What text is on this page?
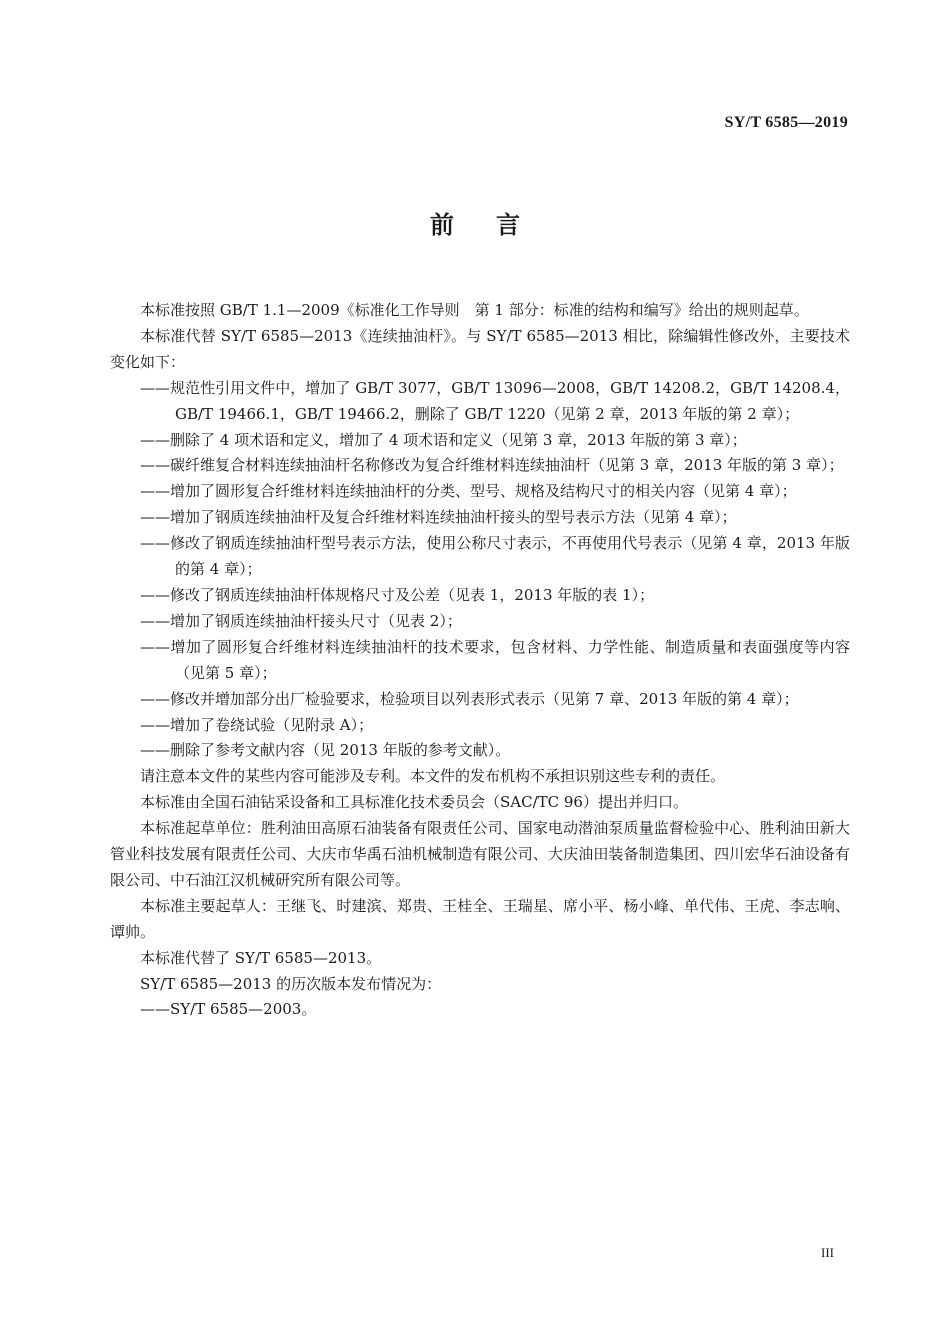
SY/T 6585—2019
前言

本标准按照 GB/T 1.1—2009《标准化工作导则　第 1 部分：标准的结构和编写》给出的规则起草。

本标准代替 SY/T 6585—2013《连续抽油杆》。与 SY/T 6585—2013 相比，除编辑性修改外，主要技术变化如下：

——规范性引用文件中，增加了 GB/T 3077，GB/T 13096—2008，GB/T 14208.2，GB/T 14208.4，GB/T 19466.1，GB/T 19466.2，删除了 GB/T 1220（见第 2 章，2013 年版的第 2 章）；

——删除了 4 项术语和定义，增加了 4 项术语和定义（见第 3 章，2013 年版的第 3 章）；

——碳纤维复合材料连续抽油杆名称修改为复合纤维材料连续抽油杆（见第 3 章，2013 年版的第 3 章）；

——增加了圆形复合纤维材料连续抽油杆的分类、型号、规格及结构尺寸的相关内容（见第 4 章）；

——增加了钢质连续抽油杆及复合纤维材料连续抽油杆接头的型号表示方法（见第 4 章）；

——修改了钢质连续抽油杆型号表示方法，使用公称尺寸表示，不再使用代号表示（见第 4 章，2013 年版的第 4 章）；

——修改了钢质连续抽油杆体规格尺寸及公差（见表 1，2013 年版的表 1）；

——增加了钢质连续抽油杆接头尺寸（见表 2）；

——增加了圆形复合纤维材料连续抽油杆的技术要求，包含材料、力学性能、制造质量和表面强度等内容（见第 5 章）；

——修改并增加部分出厂检验要求，检验项目以列表形式表示（见第 7 章、2013 年版的第 4 章）；

——增加了卷绕试验（见附录 A）；

——删除了参考文献内容（见 2013 年版的参考文献）。

请注意本文件的某些内容可能涉及专利。本文件的发布机构不承担识别这些专利的责任。

本标准由全国石油钻采设备和工具标准化技术委员会（SAC/TC 96）提出并归口。

本标准起草单位：胜利油田高原石油装备有限责任公司、国家电动潜油泵质量监督检验中心、胜利油田新大管业科技发展有限责任公司、大庆市华禹石油机械制造有限公司、大庆油田装备制造集团、四川宏华石油设备有限公司、中石油江汉机械研究所有限公司等。

本标准主要起草人：王继飞、时建滨、郑贵、王桂全、王瑞星、席小平、杨小峰、单代伟、王虎、李志响、谭帅。

本标准代替了 SY/T 6585—2013。

SY/T 6585—2013 的历次版本发布情况为：

——SY/T 6585—2003。

III
